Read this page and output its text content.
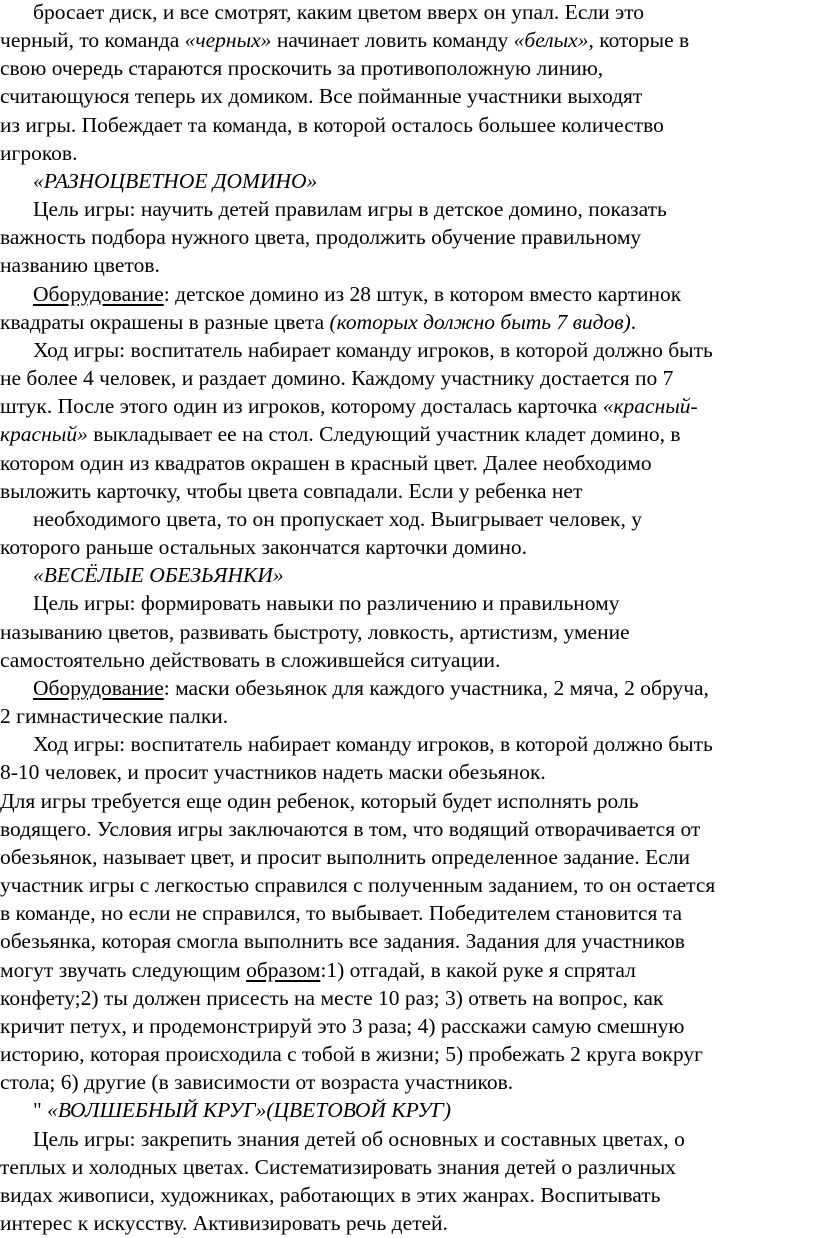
бросает диск, и все смотрят, каким цветом вверх он упал. Если это
черный, то команда «черных» начинает ловить команду «белых», которые в
свою очередь стараются проскочить за противоположную линию,
считающуюся теперь их домиком. Все пойманные участники выходят
из игры. Побеждает та команда, в которой осталось большее количество
игроков.
«РАЗНОЦВЕТНОЕ ДОМИНО»
Цель игры: научить детей правилам игры в детское домино, показать
важность подбора нужного цвета, продолжить обучение правильному
названию цветов.
Оборудование: детское домино из 28 штук, в котором вместо картинок
квадраты окрашены в разные цвета (которых должно быть 7 видов).
Ход игры: воспитатель набирает команду игроков, в которой должно быть
не более 4 человек, и раздает домино. Каждому участнику достается по 7
штук. После этого один из игроков, которому досталась карточка «красный-
красный» выкладывает ее на стол. Следующий участник кладет домино, в
котором один из квадратов окрашен в красный цвет. Далее необходимо
выложить карточку, чтобы цвета совпадали. Если у ребенка нет
необходимого цвета, то он пропускает ход. Выигрывает человек, у
которого раньше остальных закончатся карточки домино.
«ВЕСЁЛЫЕ ОБЕЗЬЯНКИ»
Цель игры: формировать навыки по различению и правильному
называнию цветов, развивать быстроту, ловкость, артистизм, умение
самостоятельно действовать в сложившейся ситуации.
Оборудование: маски обезьянок для каждого участника, 2 мяча, 2 обруча,
2 гимнастические палки.
Ход игры: воспитатель набирает команду игроков, в которой должно быть
8-10 человек, и просит участников надеть маски обезьянок.
Для игры требуется еще один ребенок, который будет исполнять роль
водящего. Условия игры заключаются в том, что водящий отворачивается от
обезьянок, называет цвет, и просит выполнить определенное задание. Если
участник игры с легкостью справился с полученным заданием, то он остается
в команде, но если не справился, то выбывает. Победителем становится та
обезьянка, которая смогла выполнить все задания. Задания для участников
могут звучать следующим образом:1) отгадай, в какой руке я спрятал
конфету;2) ты должен присесть на месте 10 раз; 3) ответь на вопрос, как
кричит петух, и продемонстрируй это 3 раза; 4) расскажи самую смешную
историю, которая происходила с тобой в жизни; 5) пробежать 2 круга вокруг
стола; 6) другие (в зависимости от возраста участников.
" «ВОЛШЕБНЫЙ КРУГ»(ЦВЕТОВОЙ КРУГ)
Цель игры: закрепить знания детей об основных и составных цветах, о
теплых и холодных цветах. Систематизировать знания детей о различных
видах живописи, художниках, работающих в этих жанрах. Воспитывать
интерес к искусству. Активизировать речь детей.
